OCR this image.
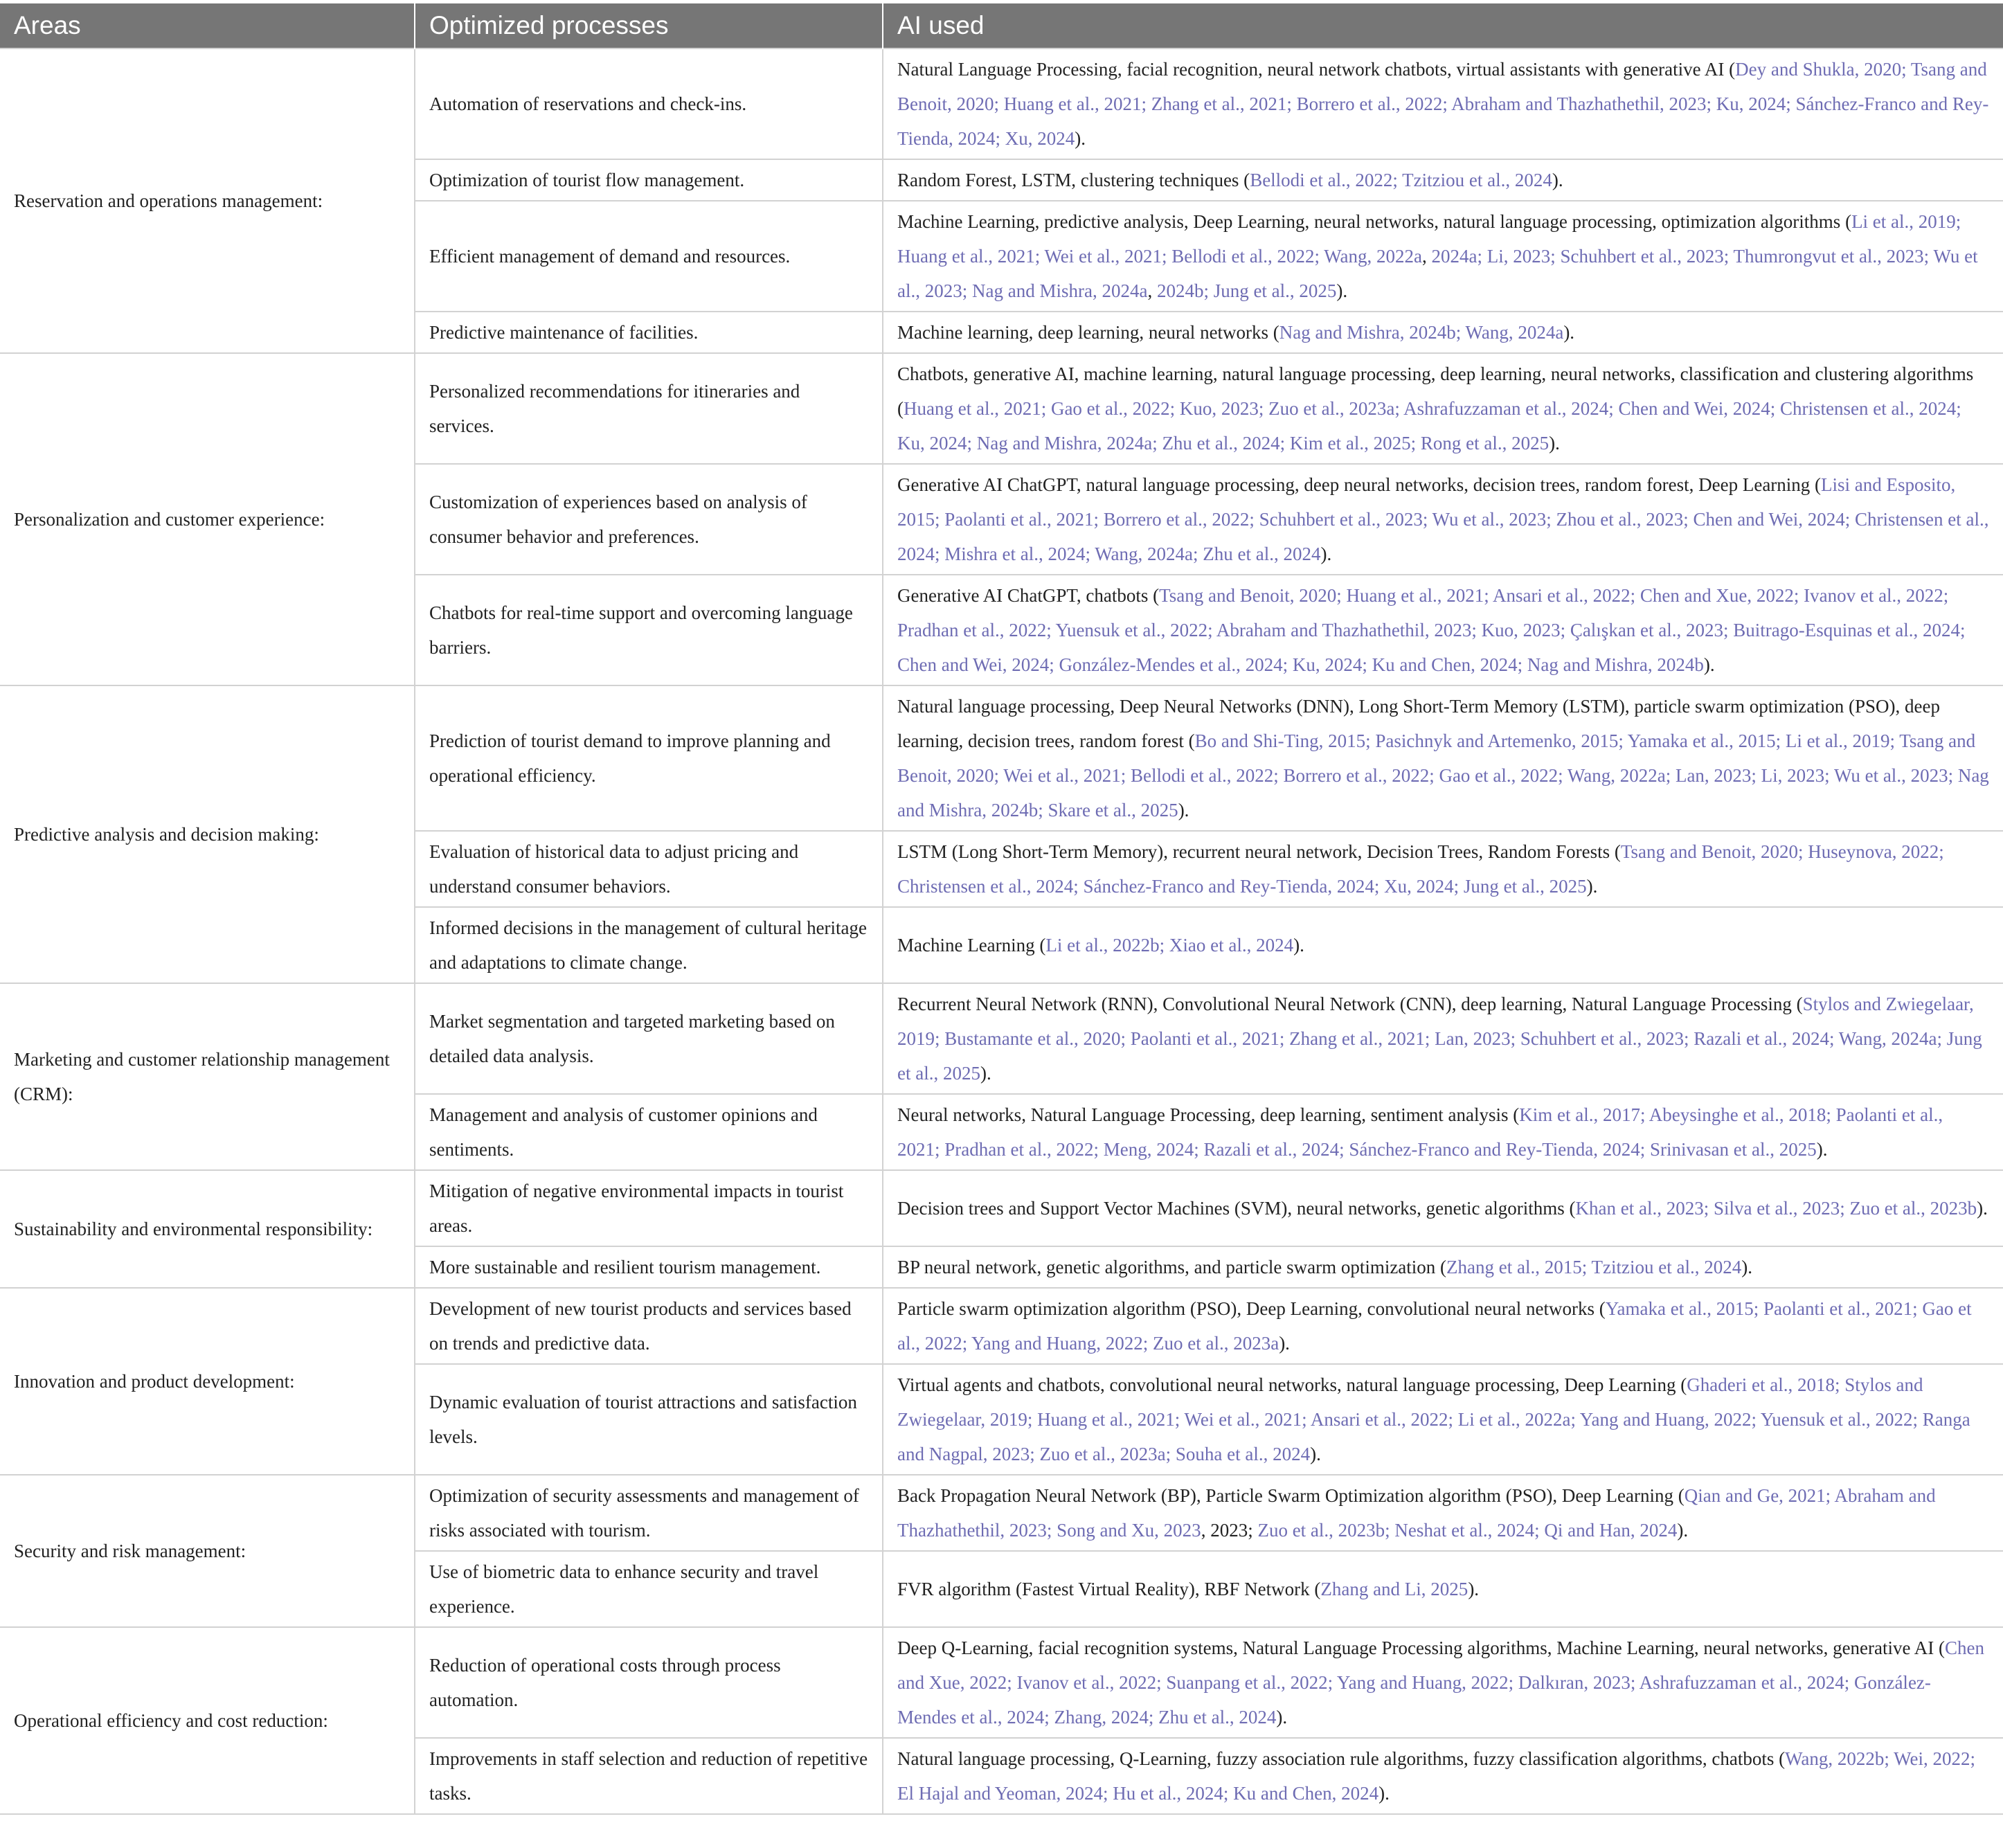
Areas	Optimized processes	AI used
Reservation and operations management:	Automation of reservations and check-ins.	Natural Language Processing, facial recognition, neural network chatbots, virtual assistants with generative AI (Dey and Shukla, 2020; Tsang and Benoit, 2020; Huang et al., 2021; Zhang et al., 2021; Borrero et al., 2022; Abraham and Thazhathethil, 2023; Ku, 2024; Sánchez-Franco and Rey-Tienda, 2024; Xu, 2024).
	Optimization of tourist flow management.	Random Forest, LSTM, clustering techniques (Bellodi et al., 2022; Tzitziou et al., 2024).
	Efficient management of demand and resources.	Machine Learning, predictive analysis, Deep Learning, neural networks, natural language processing, optimization algorithms (Li et al., 2019; Huang et al., 2021; Wei et al., 2021; Bellodi et al., 2022; Wang, 2022a, 2024a; Li, 2023; Schuhbert et al., 2023; Thumrongvut et al., 2023; Wu et al., 2023; Nag and Mishra, 2024a, 2024b; Jung et al., 2025).
	Predictive maintenance of facilities.	Machine learning, deep learning, neural networks (Nag and Mishra, 2024b; Wang, 2024a).
Personalization and customer experience:	Personalized recommendations for itineraries and services.	Chatbots, generative AI, machine learning, natural language processing, deep learning, neural networks, classification and clustering algorithms (Huang et al., 2021; Gao et al., 2022; Kuo, 2023; Zuo et al., 2023a; Ashrafuzzaman et al., 2024; Chen and Wei, 2024; Christensen et al., 2024; Ku, 2024; Nag and Mishra, 2024a; Zhu et al., 2024; Kim et al., 2025; Rong et al., 2025).
	Customization of experiences based on analysis of consumer behavior and preferences.	Generative AI ChatGPT, natural language processing, deep neural networks, decision trees, random forest, Deep Learning (Lisi and Esposito, 2015; Paolanti et al., 2021; Borrero et al., 2022; Schuhbert et al., 2023; Wu et al., 2023; Zhou et al., 2023; Chen and Wei, 2024; Christensen et al., 2024; Mishra et al., 2024; Wang, 2024a; Zhu et al., 2024).
	Chatbots for real-time support and overcoming language barriers.	Generative AI ChatGPT, chatbots (Tsang and Benoit, 2020; Huang et al., 2021; Ansari et al., 2022; Chen and Xue, 2022; Ivanov et al., 2022; Pradhan et al., 2022; Yuensuk et al., 2022; Abraham and Thazhathethil, 2023; Kuo, 2023; Çalışkan et al., 2023; Buitrago-Esquinas et al., 2024; Chen and Wei, 2024; González-Mendes et al., 2024; Ku, 2024; Ku and Chen, 2024; Nag and Mishra, 2024b).
Predictive analysis and decision making:	Prediction of tourist demand to improve planning and operational efficiency.	Natural language processing, Deep Neural Networks (DNN), Long Short-Term Memory (LSTM), particle swarm optimization (PSO), deep learning, decision trees, random forest (Bo and Shi-Ting, 2015; Pasichnyk and Artemenko, 2015; Yamaka et al., 2015; Li et al., 2019; Tsang and Benoit, 2020; Wei et al., 2021; Bellodi et al., 2022; Borrero et al., 2022; Gao et al., 2022; Wang, 2022a; Lan, 2023; Li, 2023; Wu et al., 2023; Nag and Mishra, 2024b; Skare et al., 2025).
	Evaluation of historical data to adjust pricing and understand consumer behaviors.	LSTM (Long Short-Term Memory), recurrent neural network, Decision Trees, Random Forests (Tsang and Benoit, 2020; Huseynova, 2022; Christensen et al., 2024; Sánchez-Franco and Rey-Tienda, 2024; Xu, 2024; Jung et al., 2025).
	Informed decisions in the management of cultural heritage and adaptations to climate change.	Machine Learning (Li et al., 2022b; Xiao et al., 2024).
Marketing and customer relationship management (CRM):	Market segmentation and targeted marketing based on detailed data analysis.	Recurrent Neural Network (RNN), Convolutional Neural Network (CNN), deep learning, Natural Language Processing (Stylos and Zwiegelaar, 2019; Bustamante et al., 2020; Paolanti et al., 2021; Zhang et al., 2021; Lan, 2023; Schuhbert et al., 2023; Razali et al., 2024; Wang, 2024a; Jung et al., 2025).
	Management and analysis of customer opinions and sentiments.	Neural networks, Natural Language Processing, deep learning, sentiment analysis (Kim et al., 2017; Abeysinghe et al., 2018; Paolanti et al., 2021; Pradhan et al., 2022; Meng, 2024; Razali et al., 2024; Sánchez-Franco and Rey-Tienda, 2024; Srinivasan et al., 2025).
Sustainability and environmental responsibility:	Mitigation of negative environmental impacts in tourist areas.	Decision trees and Support Vector Machines (SVM), neural networks, genetic algorithms (Khan et al., 2023; Silva et al., 2023; Zuo et al., 2023b).
	More sustainable and resilient tourism management.	BP neural network, genetic algorithms, and particle swarm optimization (Zhang et al., 2015; Tzitziou et al., 2024).
Innovation and product development:	Development of new tourist products and services based on trends and predictive data.	Particle swarm optimization algorithm (PSO), Deep Learning, convolutional neural networks (Yamaka et al., 2015; Paolanti et al., 2021; Gao et al., 2022; Yang and Huang, 2022; Zuo et al., 2023a).
	Dynamic evaluation of tourist attractions and satisfaction levels.	Virtual agents and chatbots, convolutional neural networks, natural language processing, Deep Learning (Ghaderi et al., 2018; Stylos and Zwiegelaar, 2019; Huang et al., 2021; Wei et al., 2021; Ansari et al., 2022; Li et al., 2022a; Yang and Huang, 2022; Yuensuk et al., 2022; Ranga and Nagpal, 2023; Zuo et al., 2023a; Souha et al., 2024).
Security and risk management:	Optimization of security assessments and management of risks associated with tourism.	Back Propagation Neural Network (BP), Particle Swarm Optimization algorithm (PSO), Deep Learning (Qian and Ge, 2021; Abraham and Thazhathethil, 2023; Song and Xu, 2023, 2023; Zuo et al., 2023b; Neshat et al., 2024; Qi and Han, 2024).
	Use of biometric data to enhance security and travel experience.	FVR algorithm (Fastest Virtual Reality), RBF Network (Zhang and Li, 2025).
Operational efficiency and cost reduction:	Reduction of operational costs through process automation.	Deep Q-Learning, facial recognition systems, Natural Language Processing algorithms, Machine Learning, neural networks, generative AI (Chen and Xue, 2022; Ivanov et al., 2022; Suanpang et al., 2022; Yang and Huang, 2022; Dalkıran, 2023; Ashrafuzzaman et al., 2024; González-Mendes et al., 2024; Zhang, 2024; Zhu et al., 2024).
	Improvements in staff selection and reduction of repetitive tasks.	Natural language processing, Q-Learning, fuzzy association rule algorithms, fuzzy classification algorithms, chatbots (Wang, 2022b; Wei, 2022; El Hajal and Yeoman, 2024; Hu et al., 2024; Ku and Chen, 2024).
